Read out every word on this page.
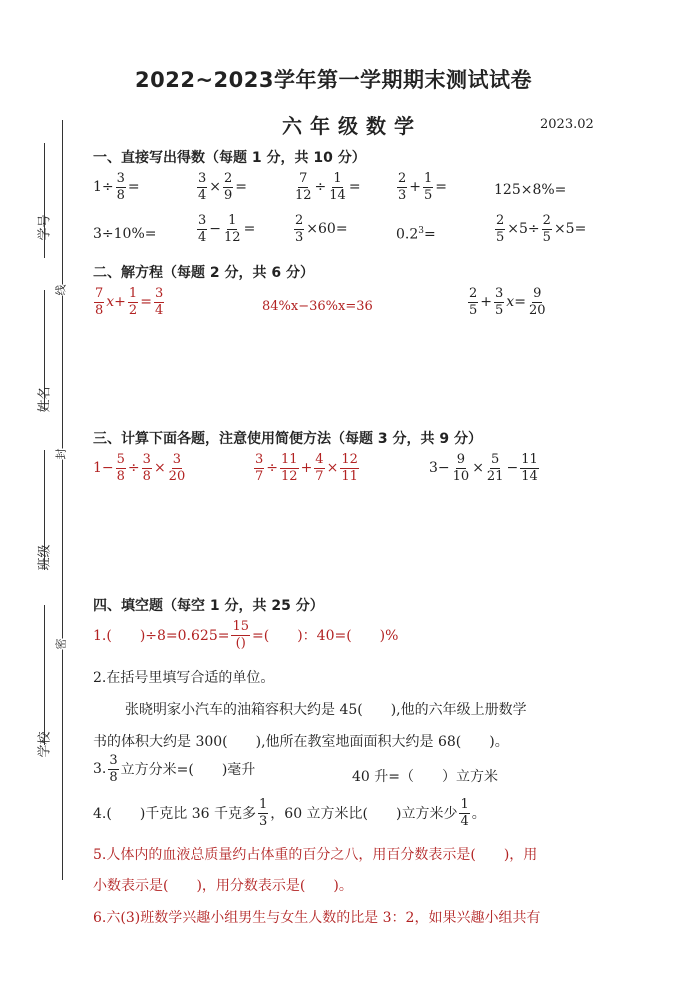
学号
姓名
班级
学校
线
封
密
2022~2023学年第一学期期末测试试卷
六年级数学	2023.02
一、直接写出得数（每题 1 分，共 10 分）
$1\div \frac{3}{8}$ =	$\frac{3}{4} \times \frac{2}{9}$ =	$\frac{7}{12} \div \frac{1}{14}$ =	$\frac{2}{3} + \frac{1}{5}$ =	125×8%=
3÷10%=	$\frac{3}{4} - \frac{1}{12}$ =	$\frac{2}{3} \times 60=$	$0.2^3=$	$\frac{2}{5} \times 5\div \frac{2}{5} \times 5=$
二、解方程（每题 2 分，共 6 分）
$\frac{7}{8} x+ \frac{1}{2} = \frac{3}{4}$	84%x−36%x=36	$\frac{2}{5} + \frac{3}{5} x= \frac{9}{20}$
三、计算下面各题，注意使用简便方法（每题 3 分，共 9 分）
$1- \frac{5}{8} \div \frac{3}{8} \times \frac{3}{20}$	$\frac{3}{7} \div \frac{11}{12} + \frac{4}{7} \times \frac{12}{11}$	$3- \frac{9}{10} \times \frac{5}{21} - \frac{11}{14}$
四、填空题（每空 1 分，共 25 分）
1.(　　)$\div 8=0.625= \frac{15}{()}$ =(　　)：40=(　　)%
2.在括号里填写合适的单位。
张晓明家小汽车的油箱容积大约是 45(　　),他的六年级上册数学
书的体积大约是 300(　　),他所在教室地面面积大约是 68(　　)。
3. $\frac{3}{8}$ 立方分米=(　　)毫升	40 升=（　　）立方米
4.(　　)千克比 36 千克多 $\frac{1}{3}$ ，60 立方米比(　　)立方米少 $\frac{1}{4}$ 。
5.人体内的血液总质量约占体重的百分之八，用百分数表示是(　　)，用
小数表示是(　　)，用分数表示是(　　)。
6.六(3)班数学兴趣小组男生与女生人数的比是 3：2，如果兴趣小组共有
